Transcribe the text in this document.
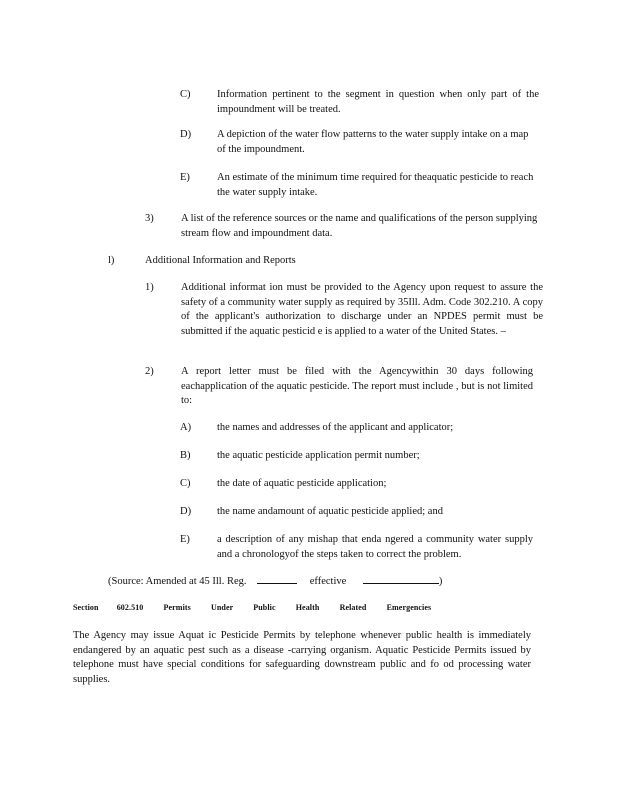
C)	Information pertinent to the segment in question when only part of the impoundment will be treated.
D) A depiction of the water flow patterns to the water supply intake on a map of the impoundment.
E)	An estimate of the minimum time required for theaquatic pesticide to reach the water supply intake.
3)	A list of the reference sources or the name and qualifications of the person supplying stream flow and impoundment data.
l)	Additional Information and Reports
1)	Additional informat ion must be provided to the Agency upon request to assure the safety of a community water supply as required by 35Ill. Adm. Code 302.210. A copy of the applicant's authorization to discharge under an NPDES permit must be submitted if the aquatic pesticid e is applied to a water of the United States. –
2)	A report letter must be filed with the Agencywithin 30 days following eachapplication of the aquatic pesticide. The report must include , but is not limited to:
A) the names and addresses of the applicant and applicator;
B)	the aquatic pesticide application permit number;
C)	the date of aquatic pesticide application;
D) the name andamount of aquatic pesticide applied; and
E)	a description of any mishap that enda ngered a community water supply and a chronologyof the steps taken to correct the problem.
(Source: Amended at 45 Ill. Reg.	effective	)
Section 602.510	Permits	Under	Public	Health	Related	Emergencies
The Agency may issue Aquat ic Pesticide Permits by telephone whenever public health is immediately endangered by an aquatic pest such as a disease -carrying organism. Aquatic Pesticide Permits issued by telephone must have special conditions for safeguarding downstream public and fo od processing water supplies.
